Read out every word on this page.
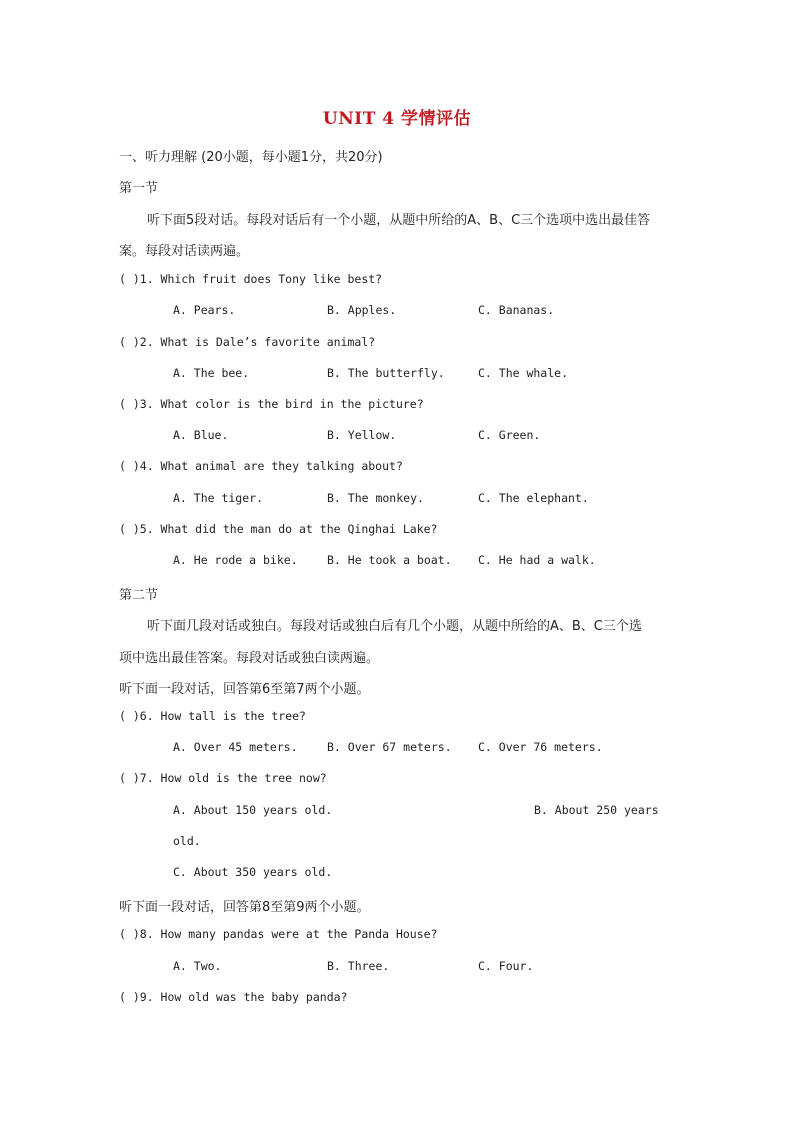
UNIT 4 学情评估
一、听力理解 (20小题，每小题1分，共20分)
第一节
听下面5段对话。每段对话后有一个小题，从题中所给的A、B、C三个选项中选出最佳答
案。每段对话读两遍。
( )1. Which fruit does Tony like best?
A. Pears.	B. Apples.	C. Bananas.
( )2. What is Dale’s favorite animal?
A. The bee.	B. The butterfly.	C. The whale.
( )3. What color is the bird in the picture?
A. Blue.	B. Yellow.	C. Green.
( )4. What animal are they talking about?
A. The tiger.	B. The monkey.	C. The elephant.
( )5. What did the man do at the Qinghai Lake?
A. He rode a bike.	B. He took a boat. C. He had a walk.
第二节
听下面几段对话或独白。每段对话或独白后有几个小题，从题中所给的A、B、C三个选
项中选出最佳答案。每段对话或独白读两遍。
听下面一段对话，回答第6至第7两个小题。
( )6. How tall is the tree?
A. Over 45 meters.	B. Over 67 meters. C. Over 76 meters.
( )7. How old is the tree now?
A. About 150 years old.	B. About 250 years
old.
C. About 350 years old.
听下面一段对话，回答第8至第9两个小题。
( )8. How many pandas were at the Panda House?
A. Two.	B. Three.	C. Four.
( )9. How old was the baby panda?
